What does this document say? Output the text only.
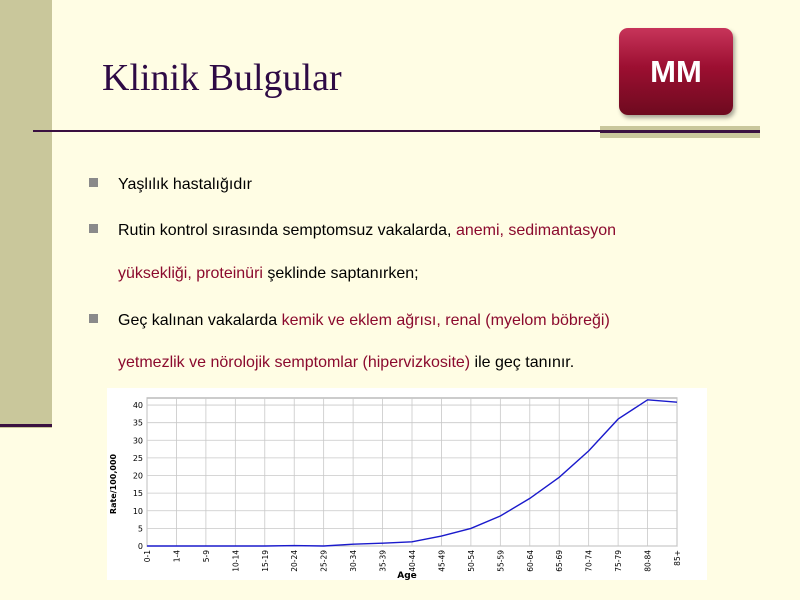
Klinik Bulgular	MM
Yaşlılık hastalığıdır
Rutin kontrol sırasında semptomsuz vakalarda, anemi, sedimantasyon
yüksekliği, proteinüri şeklinde saptanırken;
Geç kalınan vakalarda kemik ve eklem ağrısı, renal (myelom böbreği)
yetmezlik ve nörolojik semptomlar (hipervizkosite) ile geç tanınır.
0
5
10
15
20
25
30
35
40
0-1	1-4	5-9	10-14	15-19	20-24	25-29	30-34	35-39	40-44	45-49	50-54	55-59	60-64	65-69	70-74	75-79	80-84	85+
Rate/100,000
Age
